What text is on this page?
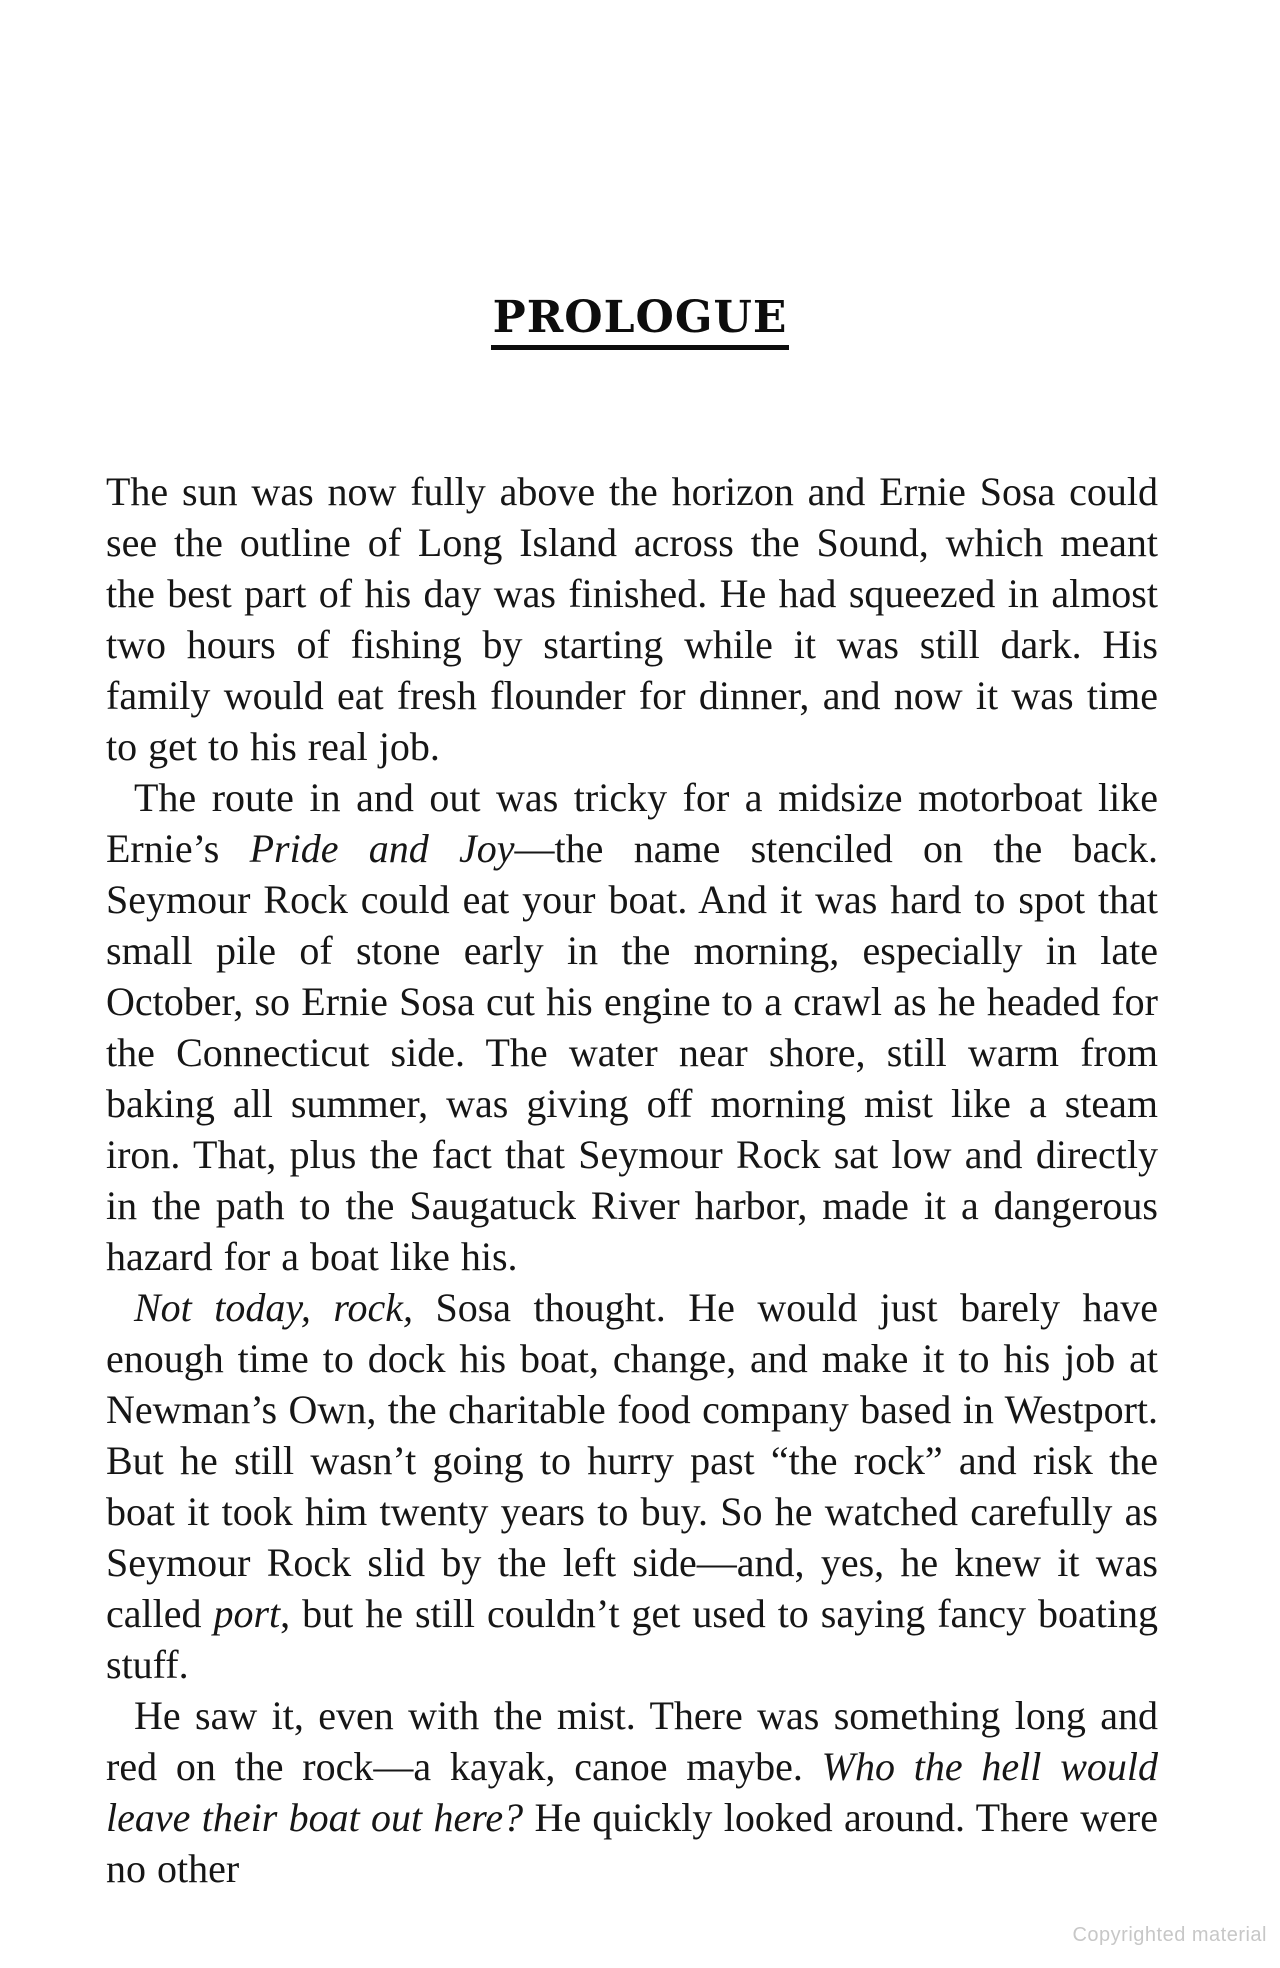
PROLOGUE

The sun was now fully above the horizon and Ernie Sosa could see the outline of Long Island across the Sound, which meant the best part of his day was finished. He had squeezed in almost two hours of fishing by starting while it was still dark. His family would eat fresh flounder for dinner, and now it was time to get to his real job.

The route in and out was tricky for a midsize motorboat like Ernie’s Pride and Joy—the name stenciled on the back. Seymour Rock could eat your boat. And it was hard to spot that small pile of stone early in the morning, especially in late October, so Ernie Sosa cut his engine to a crawl as he headed for the Connecticut side. The water near shore, still warm from baking all summer, was giving off morning mist like a steam iron. That, plus the fact that Seymour Rock sat low and directly in the path to the Saugatuck River harbor, made it a dangerous hazard for a boat like his.

Not today, rock, Sosa thought. He would just barely have enough time to dock his boat, change, and make it to his job at Newman’s Own, the charitable food company based in Westport. But he still wasn’t going to hurry past “the rock” and risk the boat it took him twenty years to buy. So he watched carefully as Seymour Rock slid by the left side—and, yes, he knew it was called port, but he still couldn’t get used to saying fancy boating stuff.

He saw it, even with the mist. There was something long and red on the rock—a kayak, canoe maybe. Who the hell would leave their boat out here? He quickly looked around. There were no other

Copyrighted material
